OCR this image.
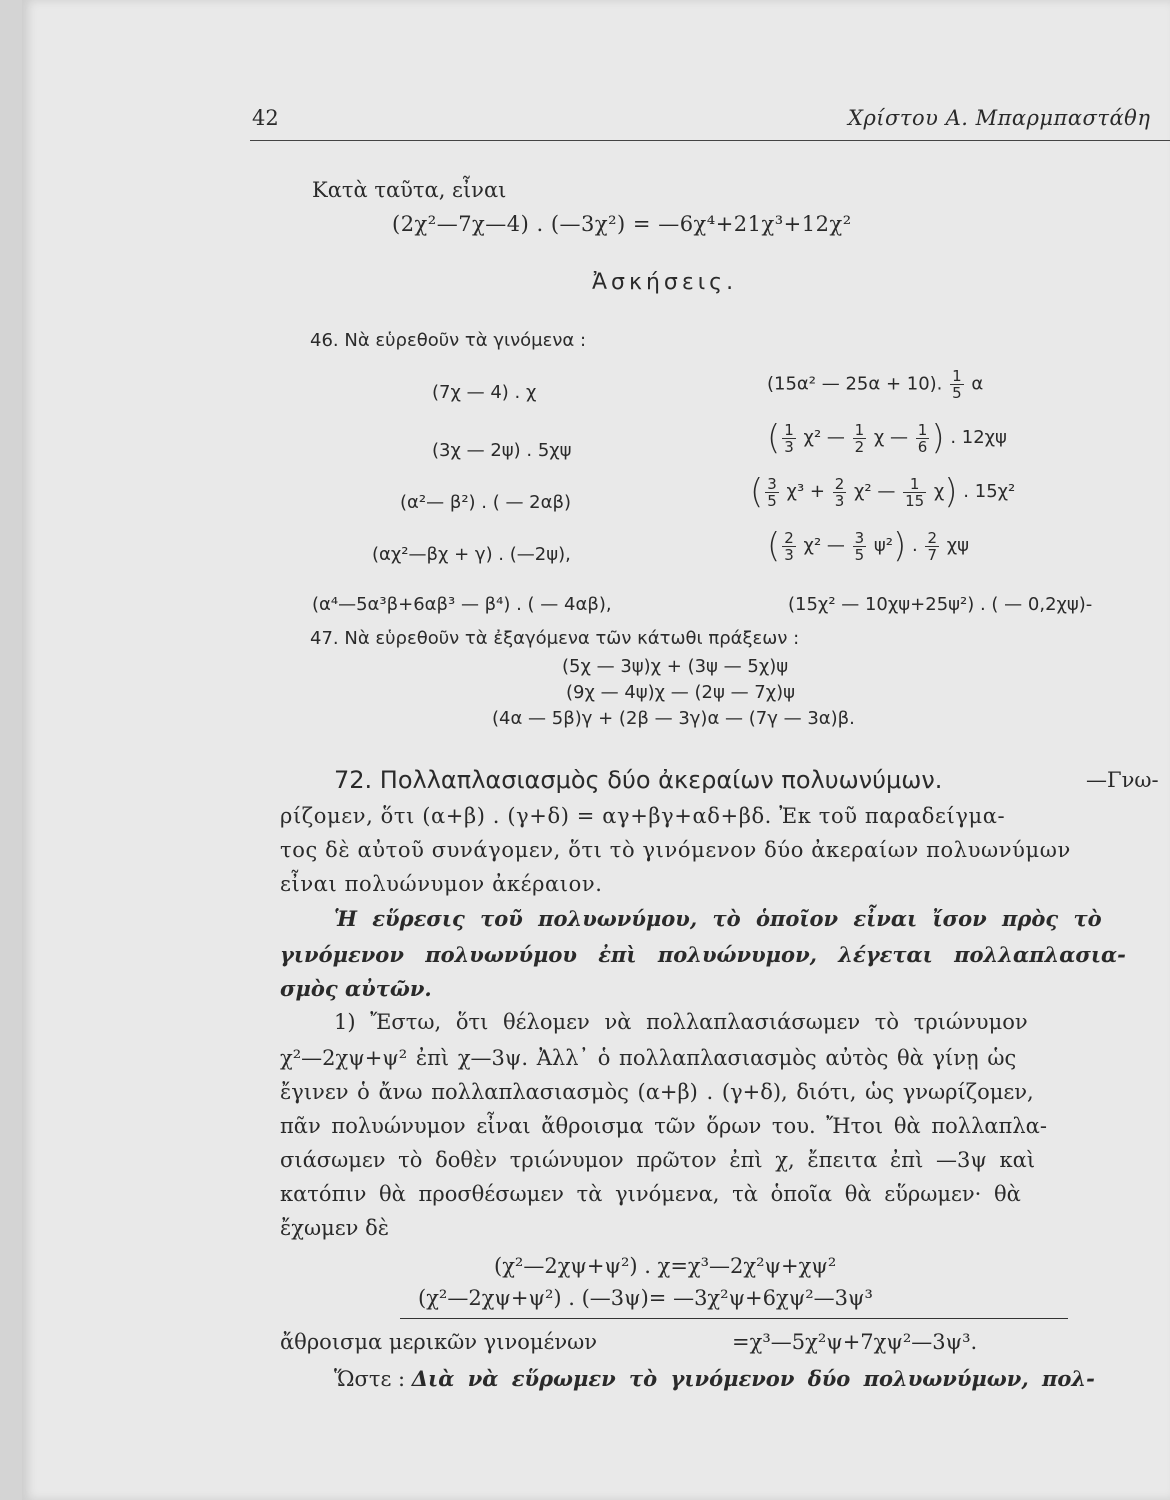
42	Χρίστου Α. Μπαρμπαστάθη
Κατὰ ταῦτα, εἶναι
(2χ²—7χ—4) . (—3χ²) = —6χ⁴+21χ³+12χ²
Ἀσκήσεις.
46. Νὰ εὑρεθοῦν τὰ γινόμενα :
(7χ — 4) . χ
(3χ — 2ψ) . 5χψ
(α²— β²) . ( — 2αβ)
(αχ²—βχ + γ) . (—2ψ),
(α⁴—5α³β+6αβ³ — β⁴) . ( — 4αβ),
(15α² — 25α + 10). $\frac{1}{5}$ α
( $\frac{1}{3} \chi^2$ — $\frac{1}{2}$ χ — $\frac{1}{6}$ ) . 12χψ
( $\frac{3}{5} \chi^3 + \frac{2}{3} \chi^2$ — $\frac{1}{15} \chi$) . 15χ²
( $\frac{2}{3} \chi^2$ — $\frac{3}{5} \psi^2$) . $\frac{2}{7}$ χψ
(15χ² — 10χψ+25ψ²) . ( — 0,2χψ)-
47. Νὰ εὑρεθοῦν τὰ ἐξαγόμενα τῶν κάτωθι πράξεων :
(5χ — 3ψ)χ + (3ψ — 5χ)ψ
(9χ — 4ψ)χ — (2ψ — 7χ)ψ
(4α — 5β)γ + (2β — 3γ)α — (7γ — 3α)β.
72. Πολλαπλασιασμὸς δύο ἀκεραίων πολυωνύμων.	—Γνω-
ρίζομεν, ὅτι (α+β) . (γ+δ) = αγ+βγ+αδ+βδ. Ἐκ τοῦ παραδείγμα-
τος δὲ αὐτοῦ συνάγομεν, ὅτι τὸ γινόμενον δύο ἀκεραίων πολυωνύμων
εἶναι πολυώνυμον ἀκέραιον.
Ἡ εὕρεσις τοῦ πολυωνύμου, τὸ ὁποῖον εἶναι ἴσον πρὸς τὸ
γινόμενον πολυωνύμου ἐπὶ πολυώνυμον, λέγεται πολλαπλασια-
σμὸς αὐτῶν.
1) Ἔστω, ὅτι θέλομεν νὰ πολλαπλασιάσωμεν τὸ τριώνυμον
χ²—2χψ+ψ² ἐπὶ χ—3ψ. Ἀλλ᾽ ὁ πολλαπλασιασμὸς αὐτὸς θὰ γίνῃ ὡς
ἔγινεν ὁ ἄνω πολλαπλασιασμὸς (α+β) . (γ+δ), διότι, ὡς γνωρίζομεν,
πᾶν πολυώνυμον εἶναι ἄθροισμα τῶν ὅρων του. Ἤτοι θὰ πολλαπλα-
σιάσωμεν τὸ δοθὲν τριώνυμον πρῶτον ἐπὶ χ, ἔπειτα ἐπὶ —3ψ καὶ
κατόπιν θὰ προσθέσωμεν τὰ γινόμενα, τὰ ὁποῖα θὰ εὕρωμεν· θὰ
ἔχωμεν δὲ
(χ²—2χψ+ψ²) . χ=χ³—2χ²ψ+χψ²
(χ²—2χψ+ψ²) . (—3ψ)= —3χ²ψ+6χψ²—3ψ³
ἄθροισμα μερικῶν γινομένων	=χ³—5χ²ψ+7χψ²—3ψ³.
Ὥστε : Διὰ νὰ εὕρωμεν τὸ γινόμενον δύο πολυωνύμων, πολ-
